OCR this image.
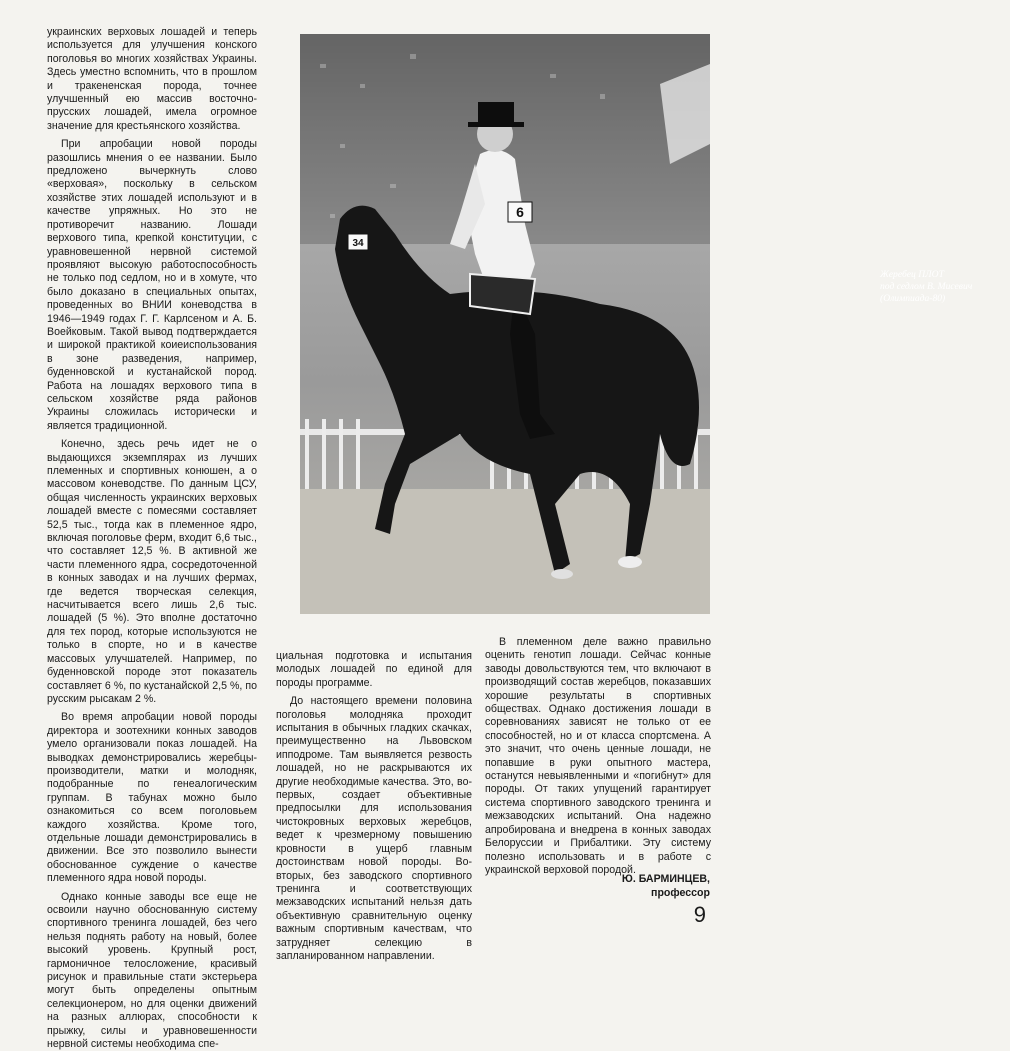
украинских верховых лошадей и теперь используется для улучшения конского поголовья во многих хозяйствах Украины. Здесь уместно вспомнить, что в прошлом и тракененская порода, точнее улучшенный ею массив восточно-прусских лошадей, имела огромное значение для крестьянского хозяйства.

При апробации новой породы разошлись мнения о ее названии. Было предложено вычеркнуть слово «верховая», поскольку в сельском хозяйстве этих лошадей используют и в качестве упряжных. Но это не противоречит названию. Лошади верхового типа, крепкой конституции, с уравновешенной нервной системой проявляют высокую работоспособность не только под седлом, но и в хомуте, что было доказано в специальных опытах, проведенных во ВНИИ коневодства в 1946—1949 годах Г. Г. Карлсеном и А. Б. Воейковым. Такой вывод подтверждается и широкой практикой коиеиспользования в зоне разведения, например, буденновской и кустанайской пород. Работа на лошадях верхового типа в сельском хозяйстве ряда районов Украины сложилась исторически и является традиционной.

Конечно, здесь речь идет не о выдающихся экземплярах из лучших племенных и спортивных конюшен, а о массовом коневодстве. По данным ЦСУ, общая численность украинских верховых лошадей вместе с помесями составляет 52,5 тыс., тогда как в племенное ядро, включая поголовье ферм, входит 6,6 тыс., что составляет 12,5 %. В активной же части племенного ядра, сосредоточенной в конных заводах и на лучших фермах, где ведется творческая селекция, насчитывается всего лишь 2,6 тыс. лошадей (5 %). Это вполне достаточно для тех пород, которые используются не только в спорте, но и в качестве массовых улучшателей. Например, по буденновской породе этот показатель составляет 6 %, по кустанайской 2,5 %, по русским рысакам 2 %.

Во время апробации новой породы директора и зоотехники конных заводов умело организовали показ лошадей. На выводках демонстрировались жеребцы-производители, матки и молодняк, подобранные по генеалогическим группам. В табунах можно было ознакомиться со всем поголовьем каждого хозяйства. Кроме того, отдельные лошади демонстрировались в движении. Все это позволило вынести обоснованное суждение о качестве племенного ядра новой породы.

Однако конные заводы все еще не освоили научно обоснованную систему спортивного тренинга лошадей, без чего нельзя поднять работу на новый, более высокий уровень. Крупный рост, гармоничное телосложение, красивый рисунок и правильные стати экстерьера могут быть определены опытным селекционером, но для оценки движений на разных аллюрах, способности к прыжку, силы и уравновешенности нервной системы необходима спе-

циальная подготовка и испытания молодых лошадей по единой для породы программе.

До настоящего времени половина поголовья молодняка проходит испытания в обычных гладких скачках, преимущественно на Львовском ипподроме. Там выявляется резвость лошадей, но не раскрываются их другие необходимые качества. Это, во-первых, создает объективные предпосылки для использования чистокровных верховых жеребцов, ведет к чрезмерному повышению кровности в ущерб главным достоинствам новой породы. Во-вторых, без заводского спортивного тренинга и соответствующих межзаводских испытаний нельзя дать объективную сравнительную оценку важным спортивным качествам, что затрудняет селекцию в запланированном направлении.

В племенном деле важно правильно оценить генотип лошади. Сейчас конные заводы довольствуются тем, что включают в производящий состав жеребцов, показавших хорошие результаты в спортивных обществах. Однако достижения лошади в соревнованиях зависят не только от ее способностей, но и от класса спортсмена. А это значит, что очень ценные лошади, не попавшие в руки опытного мастера, останутся невыявленными и «погибнут» для породы. От таких упущений гарантирует система спортивного заводского тренинга и межзаводских испытаний. Она надежно апробирована и внедрена в конных заводах Белоруссии и Прибалтики. Эту систему полезно использовать и в работе с украинской верховой породой.

Ю. БАРМИНЦЕВ,
профессор
9
6
34
Жеребец ПЛОТ
под седлом В. Мисевич
(Олимпиада-80)
